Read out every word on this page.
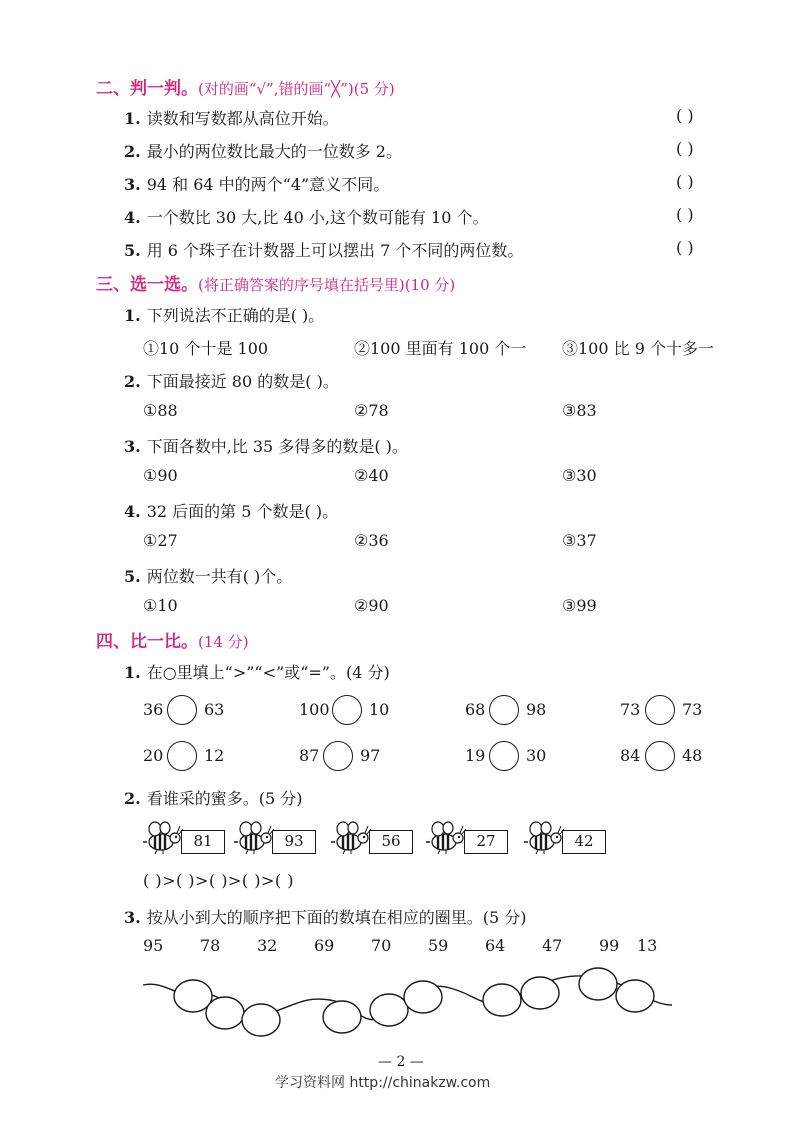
二、判一判。(对的画“√”,错的画“╳”)(5 分)
1. 读数和写数都从高位开始。	( )
2. 最小的两位数比最大的一位数多 2。	( )
3. 94 和 64 中的两个“4”意义不同。	( )
4. 一个数比 30 大,比 40 小,这个数可能有 10 个。	( )
5. 用 6 个珠子在计数器上可以摆出 7 个不同的两位数。	( )
三、选一选。(将正确答案的序号填在括号里)(10 分)
1. 下列说法不正确的是( )。
①10 个十是 100	②100 里面有 100 个一 ③100 比 9 个十多一
2. 下面最接近 80 的数是( )。
①88	②78	③83
3. 下面各数中,比 35 多得多的数是( )。
①90	②40	③30
4. 32 后面的第 5 个数是( )。
①27	②36	③37
5. 两位数一共有( )个。
①10	②90	③99
四、比一比。(14 分)
1. 在○里填上“>”“<”或“=”。(4 分)
36	63	100 10	68	98	73	73
20	12	87	97	19	30	84	48
2. 看谁采的蜜多。(5 分)
81	93	56	27	42
( )>( )>( )>( )>( )
3. 按从小到大的顺序把下面的数填在相应的圈里。(5 分)
95 78 32 69 70 59 64 47 99 13
— 2 —
学习资料网 http://chinakzw.com
